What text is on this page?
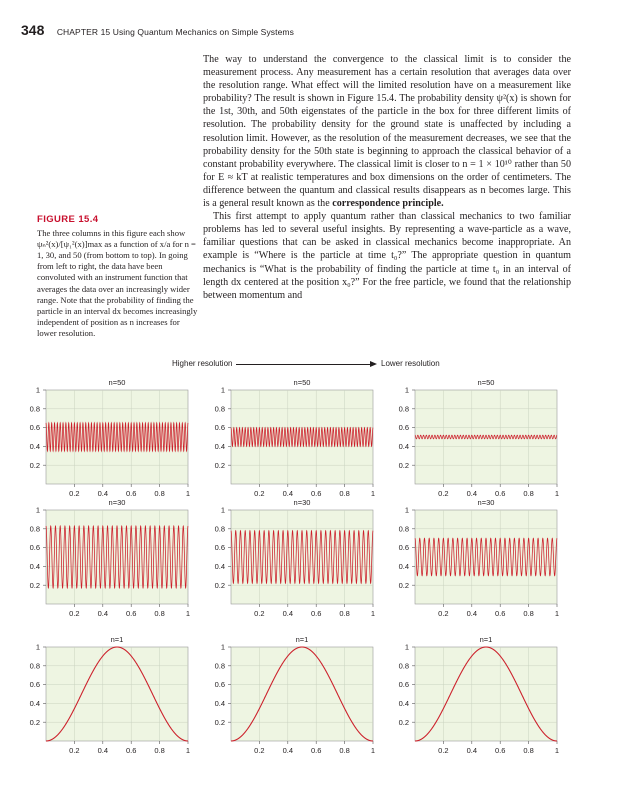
348 CHAPTER 15 Using Quantum Mechanics on Simple Systems

The way to understand the convergence to the classical limit is to consider the measurement process. Any measurement has a certain resolution that averages data over the resolution range. What effect will the limited resolution have on a measurement like probability? The result is shown in Figure 15.4. The probability density ψ²(x) is shown for the 1st, 30th, and 50th eigenstates of the particle in the box for three different limits of resolution. The probability density for the ground state is unaffected by including a resolution limit. However, as the resolution of the measurement decreases, we see that the probability density for the 50th state is beginning to approach the classical behavior of a constant probability everywhere. The classical limit is closer to n = 1 × 10¹⁰ rather than 50 for E ≈ kT at realistic temperatures and box dimensions on the order of centimeters. The difference between the quantum and classical results disappears as n becomes large. This is a general result known as the correspondence principle.

This first attempt to apply quantum rather than classical mechanics to two familiar problems has led to several useful insights. By representing a wave-particle as a wave, familiar questions that can be asked in classical mechanics become inappropriate. An example is “Where is the particle at time t₀?” The appropriate question in quantum mechanics is “What is the probability of finding the particle at time t₀ in an interval of length dx centered at the position x₀?” For the free particle, we found that the relationship between momentum and

FIGURE 15.4
The three columns in this figure each show ψₙ²(x)/[ψ₁²(x)]max as a function of x/a for n = 1, 30, and 50 (from bottom to top). In going from left to right, the data have been convoluted with an instrument function that averages the data over an increasingly wider range. Note that the probability of finding the particle in an interval dx becomes increasingly independent of position as n increases for lower resolution.
Higher resolution	Lower resolution
0.2 0.4 0.6 0.8	1
0.2
0.4
0.6
0.8
1
n=50
0.2 0.4 0.6 0.8	1
0.2
0.4
0.6
0.8
1
n=50
0.2 0.4 0.6 0.8	1
0.2
0.4
0.6
0.8
1
n=50
0.2 0.4 0.6 0.8	1
0.2
0.4
0.6
0.8
1
n=30
0.2 0.4 0.6 0.8	1
0.2
0.4
0.6
0.8
1
n=30
0.2 0.4 0.6 0.8	1
0.2
0.4
0.6
0.8
1
n=30
0.2 0.4 0.6 0.8	1
0.2
0.4
0.6
0.8
1
n=1
0.2 0.4 0.6 0.8	1
0.2
0.4
0.6
0.8
1
n=1
0.2 0.4 0.6 0.8	1
0.2
0.4
0.6
0.8
1
n=1
